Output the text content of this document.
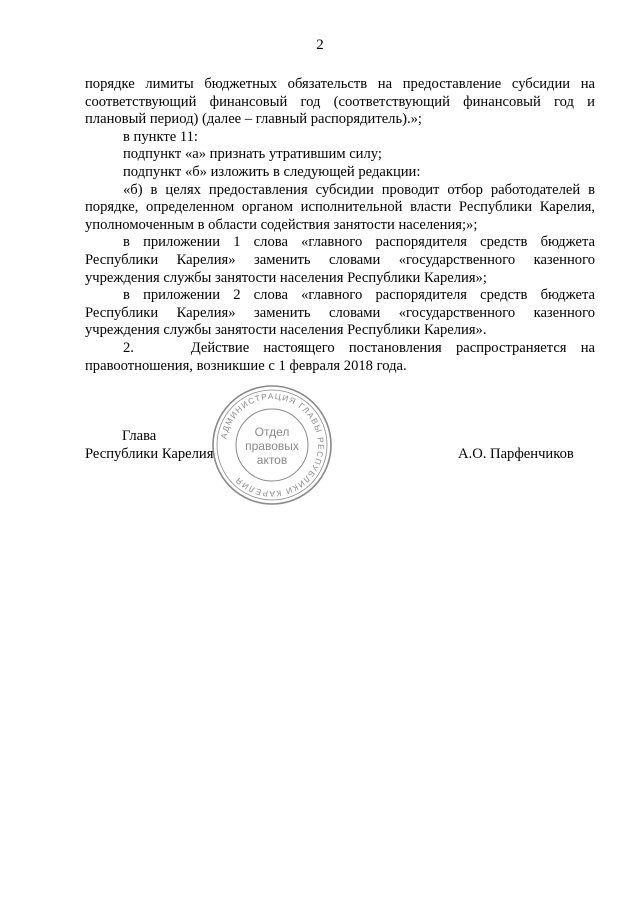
2

порядке лимиты бюджетных обязательств на предоставление субсидии на соответствующий финансовый год (соответствующий финансовый год и плановый период) (далее – главный распорядитель).»;

в пункте 11:

подпункт «а» признать утратившим силу;

подпункт «б» изложить в следующей редакции:

«б) в целях предоставления субсидии проводит отбор работодателей в порядке, определенном органом исполнительной власти Республики Карелия, уполномоченным в области содействия занятости населения;»;

в приложении 1 слова «главного распорядителя средств бюджета Республики Карелия» заменить словами «государственного казенного учреждения службы занятости населения Республики Карелия»;

в приложении 2 слова «главного распорядителя средств бюджета Республики Карелия» заменить словами «государственного казенного учреждения службы занятости населения Республики Карелия».

2.    Действие настоящего постановления распространяется на правоотношения, возникшие с 1 февраля 2018 года.

АДМИНИСТРАЦИЯ ГЛАВЫ РЕСПУБЛИКИ КАРЕЛИЯ
Отдел
правовых
актов
Глава
Республики Карелия	А.О. Парфенчиков
